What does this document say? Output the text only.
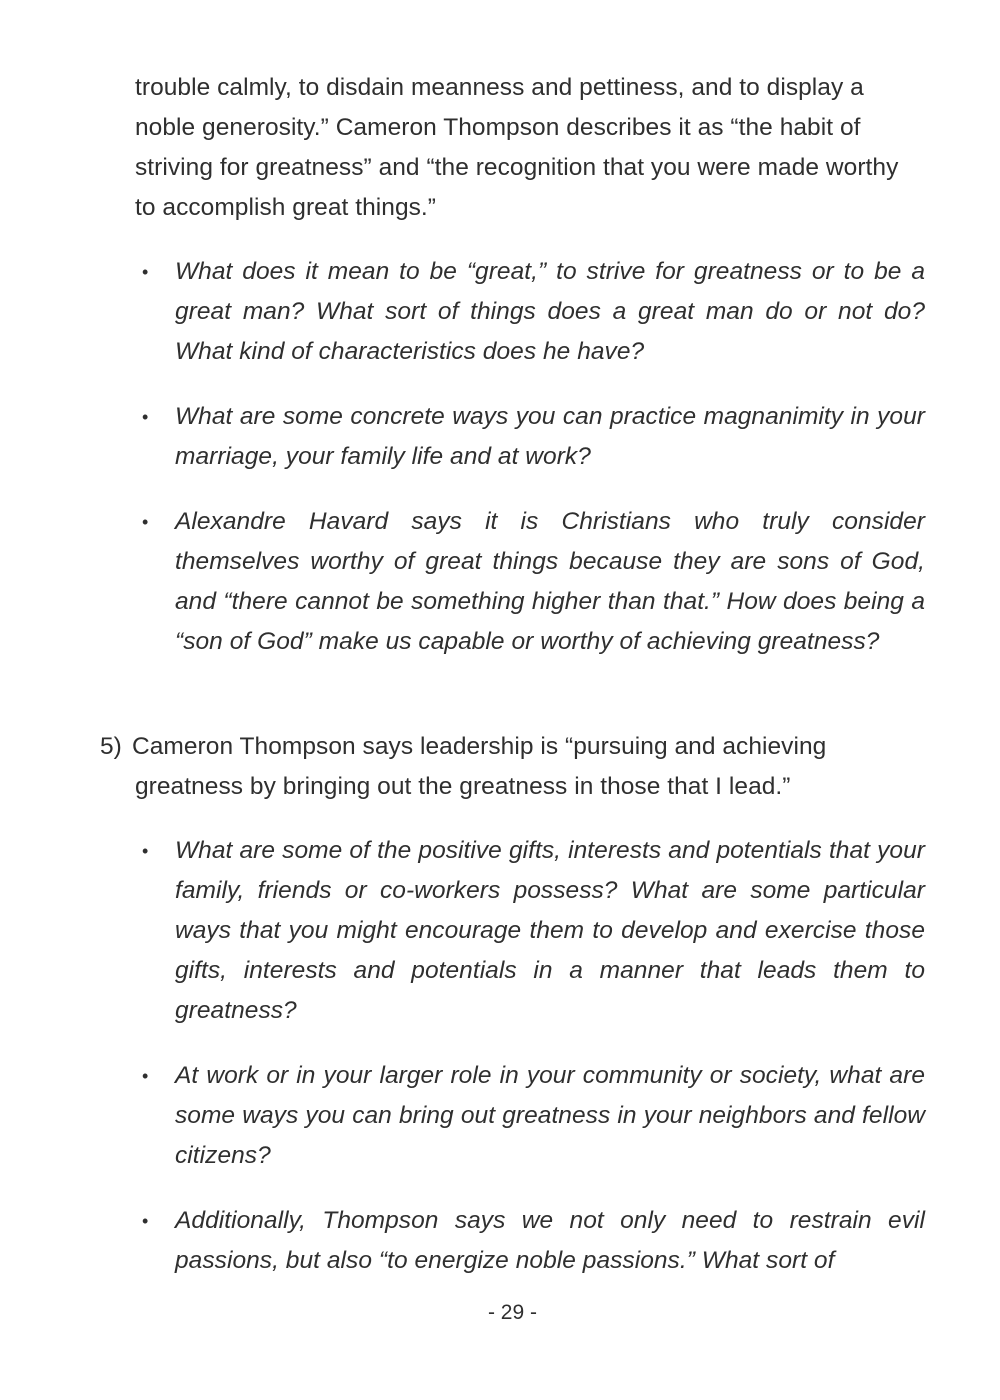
trouble calmly, to disdain meanness and pettiness, and to display a noble generosity.” Cameron Thompson describes it as “the habit of striving for greatness” and “the recognition that you were made worthy to accomplish great things.”

• What does it mean to be “great,” to strive for greatness or to be a great man? What sort of things does a great man do or not do? What kind of characteristics does he have?

• What are some concrete ways you can practice magnanimity in your marriage, your family life and at work?

• Alexandre Havard says it is Christians who truly consider themselves worthy of great things because they are sons of God, and “there cannot be something higher than that.” How does being a “son of God” make us capable or worthy of achieving greatness?

5) Cameron Thompson says leadership is “pursuing and achieving greatness by bringing out the greatness in those that I lead.”

• What are some of the positive gifts, interests and potentials that your family, friends or co-workers possess? What are some particular ways that you might encourage them to develop and exercise those gifts, interests and potentials in a manner that leads them to greatness?

• At work or in your larger role in your community or society, what are some ways you can bring out greatness in your neighbors and fellow citizens?

• Additionally, Thompson says we not only need to restrain evil passions, but also “to energize noble passions.” What sort of

- 29 -
